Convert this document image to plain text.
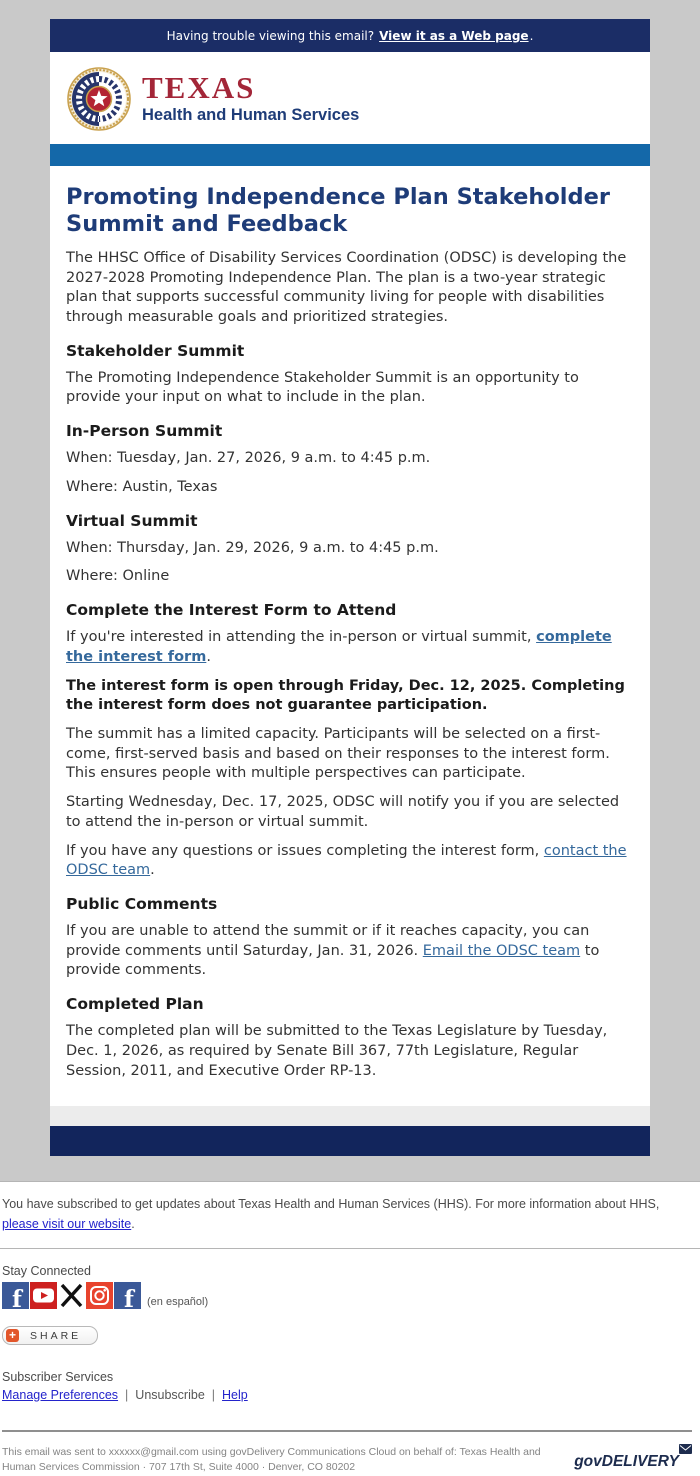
Having trouble viewing this email? View it as a Web page .
TEXAS
Health and Human Services
Promoting Independence Plan Stakeholder Summit and Feedback

The HHSC Office of Disability Services Coordination (ODSC) is developing the 2027-2028 Promoting Independence Plan. The plan is a two-year strategic plan that supports successful community living for people with disabilities through measurable goals and prioritized strategies.

Stakeholder Summit

The Promoting Independence Stakeholder Summit is an opportunity to provide your input on what to include in the plan.

In-Person Summit

When: Tuesday, Jan. 27, 2026, 9 a.m. to 4:45 p.m.

Where: Austin, Texas

Virtual Summit

When: Thursday, Jan. 29, 2026, 9 a.m. to 4:45 p.m.

Where: Online

Complete the Interest Form to Attend

If you're interested in attending the in-person or virtual summit, complete the interest form.

The interest form is open through Friday, Dec. 12, 2025. Completing the interest form does not guarantee participation.

The summit has a limited capacity. Participants will be selected on a first-come, first-served basis and based on their responses to the interest form. This ensures people with multiple perspectives can participate.

Starting Wednesday, Dec. 17, 2025, ODSC will notify you if you are selected to attend the in-person or virtual summit.

If you have any questions or issues completing the interest form, contact the ODSC team.

Public Comments

If you are unable to attend the summit or if it reaches capacity, you can provide comments until Saturday, Jan. 31, 2026. Email the ODSC team to provide comments.

Completed Plan

The completed plan will be submitted to the Texas Legislature by Tuesday, Dec. 1, 2026, as required by Senate Bill 367, 77th Legislature, Regular Session, 2011, and Executive Order RP-13.

You have subscribed to get updates about Texas Health and Human Services (HHS). For more information about HHS, please visit our website.
Stay Connected
f	f (en español)
+ SHARE
Subscriber Services
Manage Preferences | Unsubscribe | Help
This email was sent to xxxxxx@gmail.com using govDelivery Communications Cloud on behalf of: Texas Health and Human Services Commission · 707 17th St, Suite 4000 · Denver, CO 80202	govDELIVERY
